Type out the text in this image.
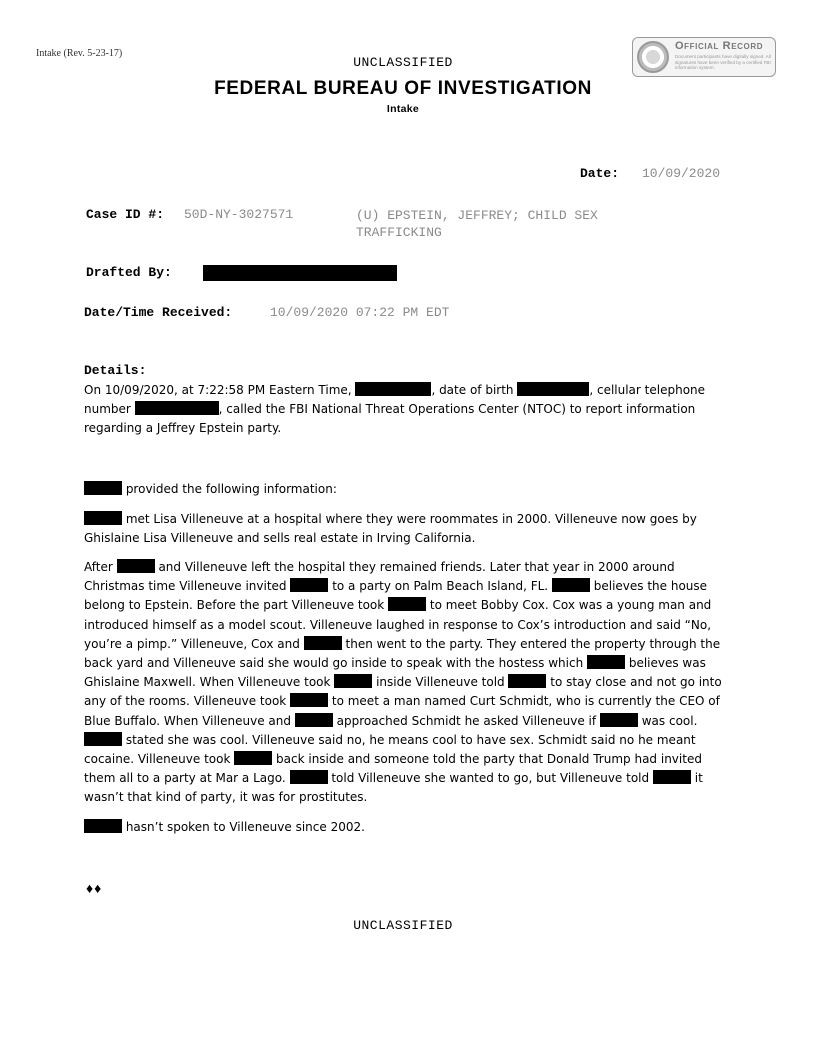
Intake (Rev. 5-23-17)
UNCLASSIFIED
Official Record
Document participants have digitally signed. All signatures have been verified by a certified FBI information system.
FEDERAL BUREAU OF INVESTIGATION
Intake
Date: 10/09/2020
Case ID #: 50D-NY-3027571	(U) EPSTEIN, JEFFREY; CHILD SEX TRAFFICKING
Drafted By:
Date/Time Received:	10/09/2020 07:22 PM EDT
Details:
On 10/09/2020, at 7:22:58 PM Eastern Time,	, date of birth	, cellular telephone number	, called the FBI National Threat Operations Center (NTOC) to report information regarding a Jeffrey Epstein party.
provided the following information:
met Lisa Villeneuve at a hospital where they were roommates in 2000. Villeneuve now goes by Ghislaine Lisa Villeneuve and sells real estate in Irving California.
After	and Villeneuve left the hospital they remained friends. Later that year in 2000 around Christmas time Villeneuve invited	to a party on Palm Beach Island, FL.	believes the house belong to Epstein. Before the part Villeneuve took	to meet Bobby Cox. Cox was a young man and introduced himself as a model scout. Villeneuve laughed in response to Cox’s introduction and said “No, you’re a pimp.” Villeneuve, Cox and	then went to the party. They entered the property through the back yard and Villeneuve said she would go inside to speak with the hostess which	believes was Ghislaine Maxwell. When Villeneuve took	inside Villeneuve told	to stay close and not go into any of the rooms. Villeneuve took	to meet a man named Curt Schmidt, who is currently the CEO of Blue Buffalo. When Villeneuve and	approached Schmidt he asked Villeneuve if	was cool.  stated she was cool. Villeneuve said no, he means cool to have sex. Schmidt said no he meant cocaine. Villeneuve took	back inside and someone told the party that Donald Trump had invited them all to a party at Mar a Lago.	told Villeneuve she wanted to go, but Villeneuve told	it wasn’t that kind of party, it was for prostitutes.
hasn’t spoken to Villeneuve since 2002.
♦♦
UNCLASSIFIED
